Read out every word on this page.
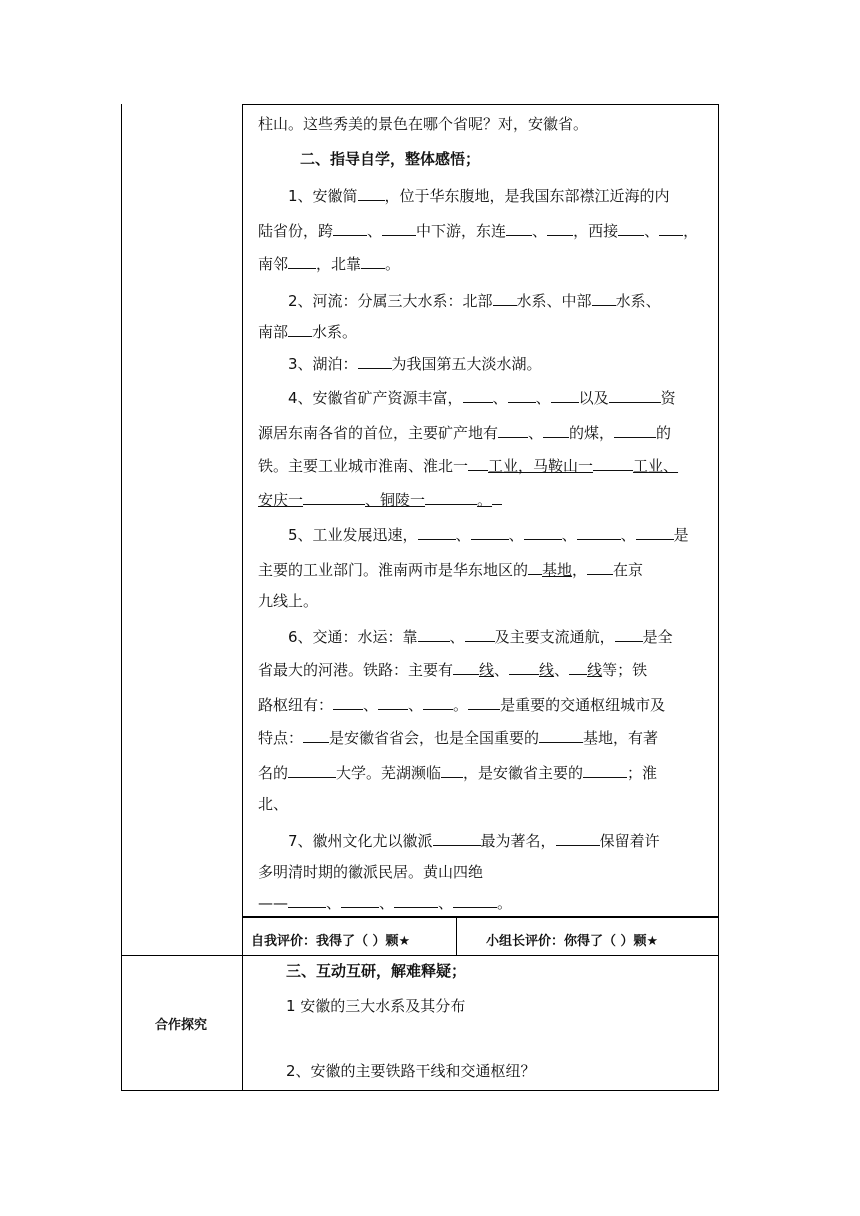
柱山。这些秀美的景色在哪个省呢？对，安徽省。
二、指导自学，整体感悟；
1、安徽简 ，位于华东腹地，是我国东部襟江近海的内
陆省份，跨 、 中下游，东连 、 ，西接 、 ，
南邻 ，北靠 。
2、河流：分属三大水系：北部 水系、中部 水系、
南部 水系。
3、湖泊： 为我国第五大淡水湖。
4、安徽省矿产资源丰富， 、 、 以及	资
源居东南各省的首位，主要矿产地有 、 的煤，	的
铁。主要工业城市淮南、淮北一 工业，马鞍山一	工业、
安庆一	、铜陵一	。
5、工业发展迅速，	、	、	、	、	是
主要的工业部门。淮南两市是华东地区的 基地， 在京
九线上。
6、交通：水运：靠 、 及主要支流通航， 是全
省最大的河港。铁路：主要有 线、 线、 线等；铁
路枢纽有： 、 、 。 是重要的交通枢纽城市及
特点： 是安徽省省会，也是全国重要的	基地，有著
名的	大学。芜湖濒临 ，是安徽省主要的	；淮
北、
7、徽州文化尤以徽派	最为著名，	保留着许
多明清时期的徽派民居。黄山四绝
——	、	、	、	。
自我评价：我得了（ ）颗★	小组长评价：你得了（ ）颗★
合作探究
三、互动互研，解难释疑；
1 安徽的三大水系及其分布
2、安徽的主要铁路干线和交通枢纽？
